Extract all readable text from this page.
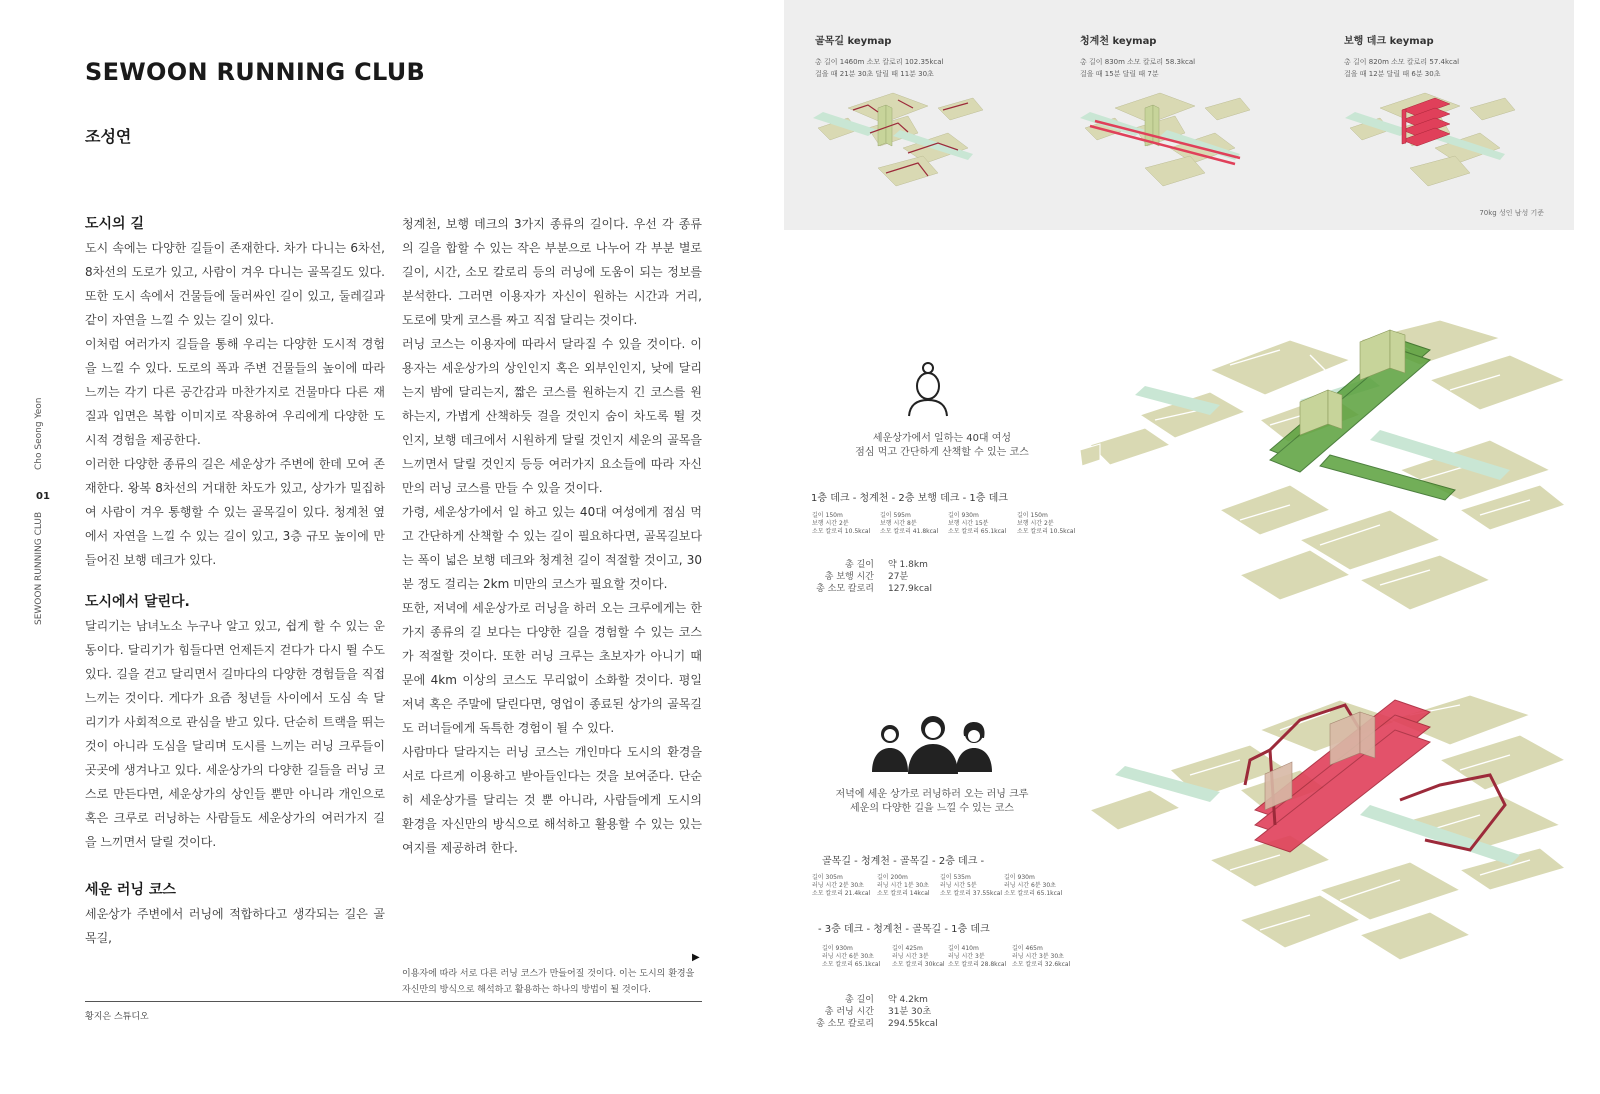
SEWOON RUNNING CLUB
조성연
Cho Seong Yeon
01
SEWOON RUNNING CLUB
도시의 길

도시 속에는 다양한 길들이 존재한다. 차가 다니는 6차선, 8차선의 도로가 있고, 사람이 겨우 다니는 골목길도 있다. 또한 도시 속에서 건물들에 둘러싸인 길이 있고, 둘레길과 같이 자연을 느낄 수 있는 길이 있다.

이처럼 여러가지 길들을 통해 우리는 다양한 도시적 경험을 느낄 수 있다. 도로의 폭과 주변 건물들의 높이에 따라 느끼는 각기 다른 공간감과 마찬가지로 건물마다 다른 재질과 입면은 복합 이미지로 작용하여 우리에게 다양한 도시적 경험을 제공한다.

이러한 다양한 종류의 길은 세운상가 주변에 한데 모여 존재한다. 왕복 8차선의 거대한 차도가 있고, 상가가 밀집하여 사람이 겨우 통행할 수 있는 골목길이 있다. 청계천 옆에서 자연을 느낄 수 있는 길이 있고, 3층 규모 높이에 만들어진 보행 데크가 있다.

도시에서 달린다.

달리기는 남녀노소 누구나 알고 있고, 쉽게 할 수 있는 운동이다. 달리기가 힘들다면 언제든지 걷다가 다시 뛸 수도 있다. 길을 걷고 달리면서 길마다의 다양한 경험들을 직접 느끼는 것이다. 게다가 요즘 청년들 사이에서 도심 속 달리기가 사회적으로 관심을 받고 있다. 단순히 트랙을 뛰는 것이 아니라 도심을 달리며 도시를 느끼는 러닝 크루들이 곳곳에 생겨나고 있다. 세운상가의 다양한 길들을 러닝 코스로 만든다면, 세운상가의 상인들 뿐만 아니라 개인으로 혹은 크루로 러닝하는 사람들도 세운상가의 여러가지 길을 느끼면서 달릴 것이다.

세운 러닝 코스

세운상가 주변에서 러닝에 적합하다고 생각되는 길은 골목길,

청계천, 보행 데크의 3가지 종류의 길이다. 우선 각 종류의 길을 합할 수 있는 작은 부분으로 나누어 각 부분 별로 길이, 시간, 소모 칼로리 등의 러닝에 도움이 되는 정보를 분석한다. 그러면 이용자가 자신이 원하는 시간과 거리, 도로에 맞게 코스를 짜고 직접 달리는 것이다.

러닝 코스는 이용자에 따라서 달라질 수 있을 것이다. 이용자는 세운상가의 상인인지 혹은 외부인인지, 낮에 달리는지 밤에 달리는지, 짧은 코스를 원하는지 긴 코스를 원하는지, 가볍게 산책하듯 걸을 것인지 숨이 차도록 뛸 것인지, 보행 데크에서 시원하게 달릴 것인지 세운의 골목을 느끼면서 달릴 것인지 등등 여러가지 요소들에 따라 자신만의 러닝 코스를 만들 수 있을 것이다.

가령, 세운상가에서 일 하고 있는 40대 여성에게 점심 먹고 간단하게 산책할 수 있는 길이 필요하다면, 골목길보다는 폭이 넓은 보행 데크와 청계천 길이 적절할 것이고, 30분 정도 걸리는 2km 미만의 코스가 필요할 것이다.

또한, 저녁에 세운상가로 러닝을 하러 오는 크루에게는 한 가지 종류의 길 보다는 다양한 길을 경험할 수 있는 코스가 적절할 것이다. 또한 러닝 크루는 초보자가 아니기 때문에 4km 이상의 코스도 무리없이 소화할 것이다. 평일 저녁 혹은 주말에 달린다면, 영업이 종료된 상가의 골목길도 러너들에게 독특한 경험이 될 수 있다.

사람마다 달라지는 러닝 코스는 개인마다 도시의 환경을 서로 다르게 이용하고 받아들인다는 것을 보여준다. 단순히 세운상가를 달리는 것 뿐 아니라, 사람들에게 도시의 환경을 자신만의 방식으로 해석하고 활용할 수 있는 있는 여지를 제공하려 한다.

▶
이용자에 따라 서로 다른 러닝 코스가 만들어질 것이다. 이는 도시의 환경을 자신만의 방식으로 해석하고 활용하는 하나의 방법이 될 것이다.
황지은 스튜디오
골목길 keymap
총 길이 1460m 소모 칼로리 102.35kcal
걸을 때 21분 30초 달릴 때 11분 30초
청계천 keymap
총 길이 830m 소모 칼로리 58.3kcal
걸을 때 15분 달릴 때 7분
보행 데크 keymap
총 길이 820m 소모 칼로리 57.4kcal
걸을 때 12분 달릴 때 6분 30초
70kg 성인 남성 기준
세운상가에서 일하는 40대 여성
점심 먹고 간단하게 산책할 수 있는 코스
1층 데크 - 청계천 - 2층 보행 데크 - 1층 데크
길이 150m
보행 시간 2분
소모 칼로리 10.5kcal
길이 595m
보행 시간 8분
소모 칼로리 41.8kcal
길이 930m
보행 시간 15분
소모 칼로리 65.1kcal
길이 150m
보행 시간 2분
소모 칼로리 10.5kcal
총 길이 약 1.8km
총 보행 시간 27분
총 소모 칼로리 127.9kcal
저녁에 세운 상가로 러닝하러 오는 러닝 크루
세운의 다양한 길을 느낄 수 있는 코스
골목길 - 청계천 - 골목길 - 2층 데크 -
길이 305m
러닝 시간 2분 30초
소모 칼로리 21.4kcal
길이 200m
러닝 시간 1분 30초
소모 칼로리 14kcal
길이 535m
러닝 시간 5분
소모 칼로리 37.55kcal
길이 930m
러닝 시간 6분 30초
소모 칼로리 65.1kcal
- 3층 데크 - 청계천 - 골목길 - 1층 데크
길이 930m
러닝 시간 6분 30초
소모 칼로리 65.1kcal
길이 425m
러닝 시간 3분
소모 칼로리 30kcal
길이 410m
러닝 시간 3분
소모 칼로리 28.8kcal
길이 465m
러닝 시간 3분 30초
소모 칼로리 32.6kcal
총 길이 약 4.2km
총 러닝 시간 31분 30초
총 소모 칼로리 294.55kcal
